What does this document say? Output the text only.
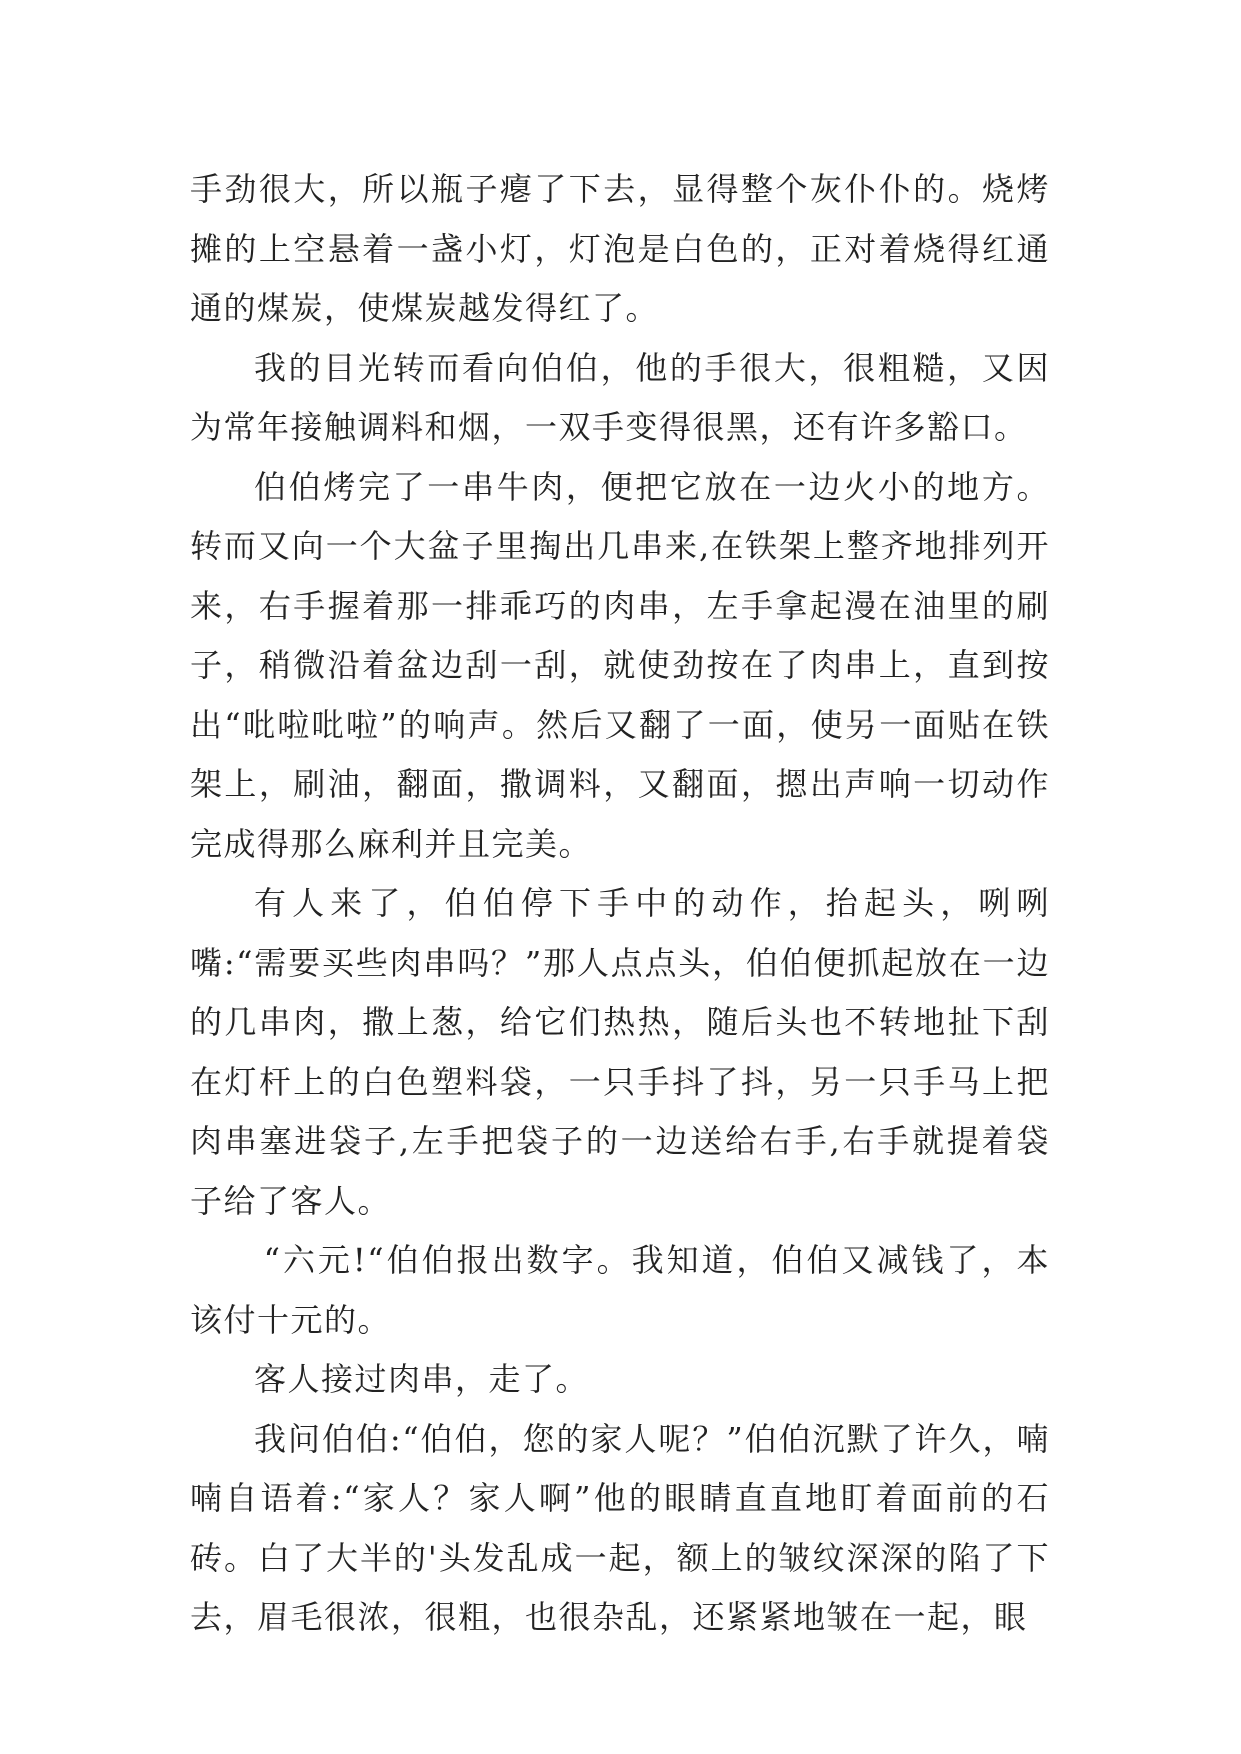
手劲很大，所以瓶子瘪了下去，显得整个灰仆仆的。烧烤摊的上空悬着一盏小灯，灯泡是白色的，正对着烧得红通通的煤炭，使煤炭越发得红了。

我的目光转而看向伯伯，他的手很大，很粗糙，又因为常年接触调料和烟，一双手变得很黑，还有许多豁口。

伯伯烤完了一串牛肉，便把它放在一边火小的地方。转而又向一个大盆子里掏出几串来,在铁架上整齐地排列开来，右手握着那一排乖巧的肉串，左手拿起漫在油里的刷子，稍微沿着盆边刮一刮，就使劲按在了肉串上，直到按出“吡啦吡啦”的响声。然后又翻了一面，使另一面贴在铁架上，刷油，翻面，撒调料，又翻面，摁出声响一切动作完成得那么麻利并且完美。

有人来了，伯伯停下手中的动作，抬起头，咧咧嘴:“需要买些肉串吗？”那人点点头，伯伯便抓起放在一边的几串肉，撒上葱，给它们热热，随后头也不转地扯下刮在灯杆上的白色塑料袋，一只手抖了抖，另一只手马上把肉串塞进袋子,左手把袋子的一边送给右手,右手就提着袋子给了客人。

“六元!“伯伯报出数字。我知道，伯伯又减钱了，本该付十元的。

客人接过肉串，走了。

我问伯伯:“伯伯，您的家人呢？”伯伯沉默了许久，喃喃自语着:“家人？家人啊”他的眼睛直直地盯着面前的石砖。白了大半的'头发乱成一起，额上的皱纹深深的陷了下去，眉毛很浓，很粗，也很杂乱，还紧紧地皱在一起，眼
